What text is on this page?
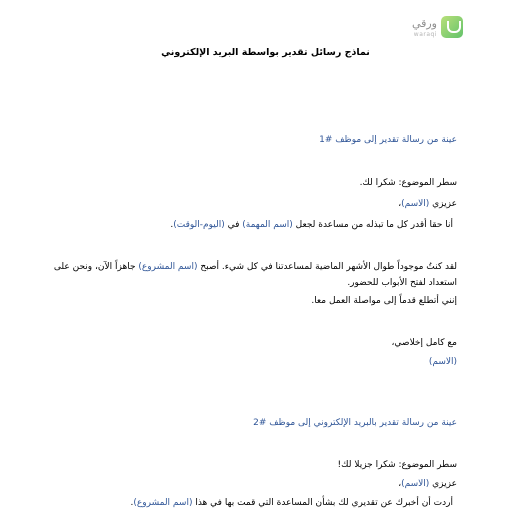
ورقي
waraqi
نماذج رسائل تقدير بواسطة البريد الإلكتروني
عينة من رسالة تقدير إلى موظف #1
سطر الموضوع: شكرا لك.
عزيزي (الاسم)،
أنا حقا أقدر كل ما تبذله من مساعدة لجعل (اسم المهمة) في (اليوم-الوقت).
لقد كنتُ موجوداً طوال الأشهر الماضية لمساعدتنا في كل شيء. أصبح (اسم المشروع) جاهزاً الآن، ونحن على
استعداد لفتح الأبواب للحضور.
إنني أتطلع قدماً إلى مواصلة العمل معا.
مع كامل إخلاصي،
(الاسم)
عينة من رسالة تقدير بالبريد الإلكتروني إلى موظف #2
سطر الموضوع: شكرا جزيلا لك!
عزيزي (الاسم)،
أردت أن أخبرك عن تقديري لك بشأن المساعدة التي قمت بها في هذا (اسم المشروع).
